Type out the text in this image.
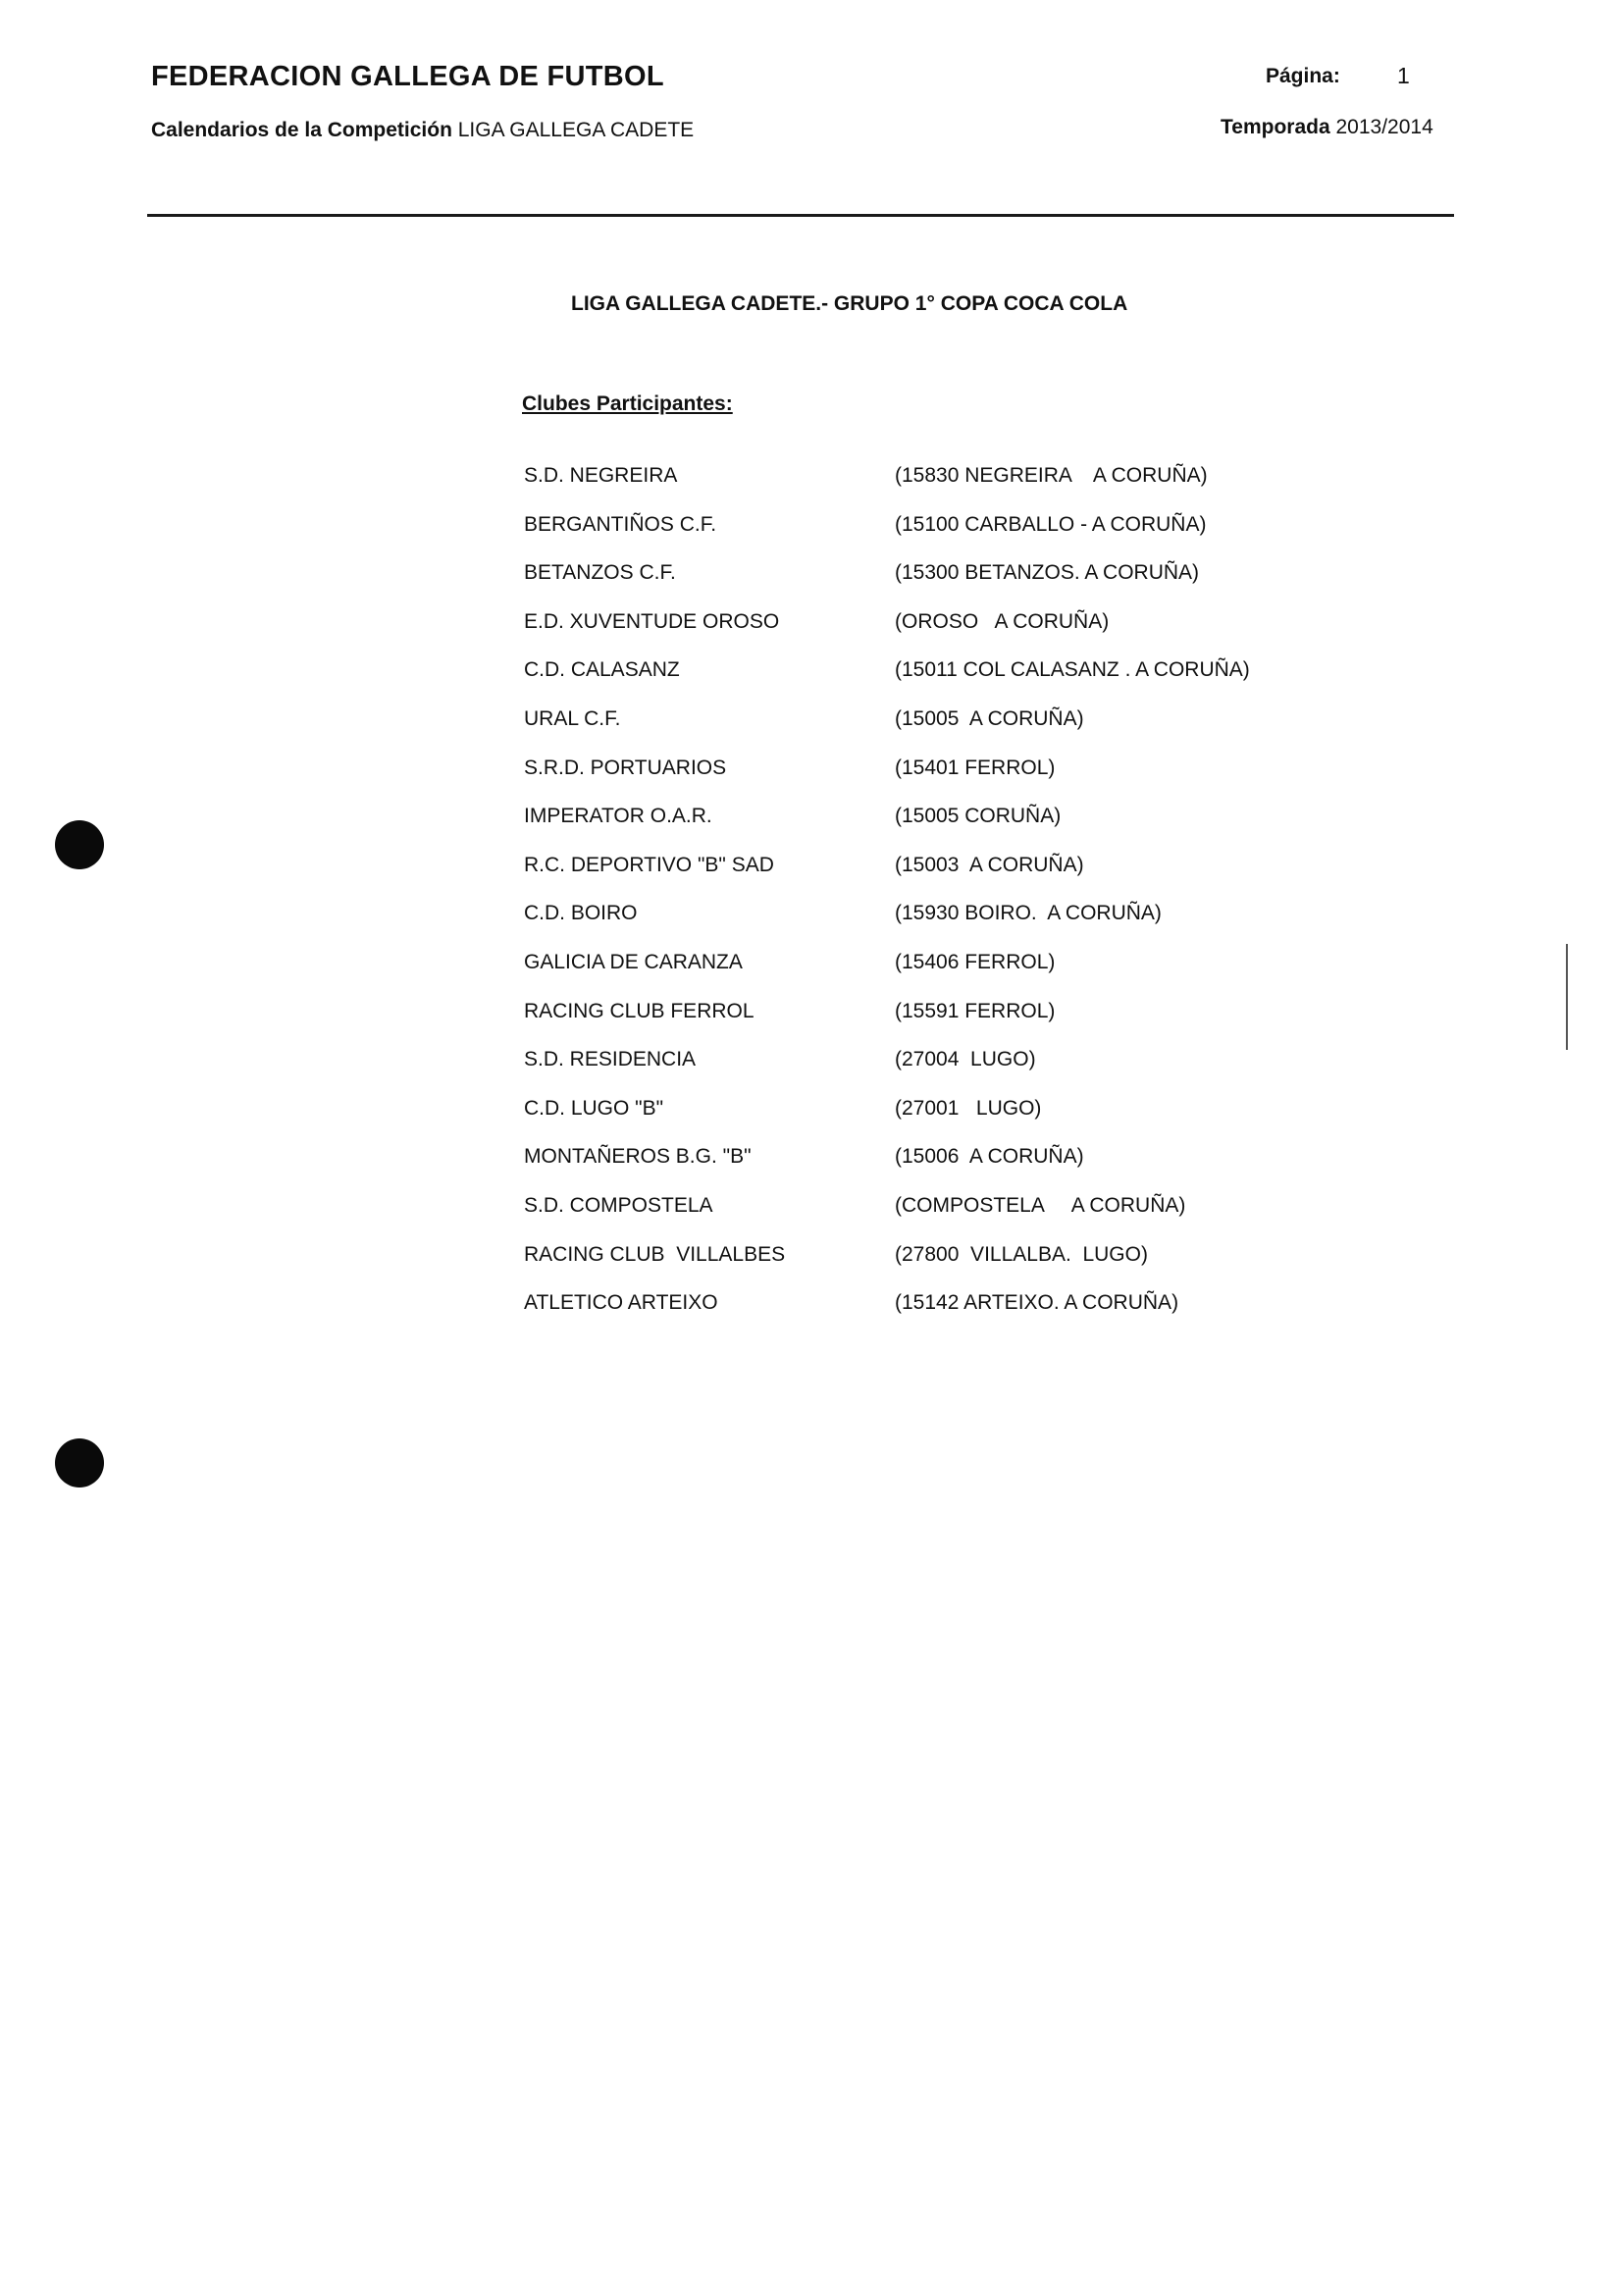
FEDERACION GALLEGA DE FUTBOL	Página:	1
Calendarios de la Competición LIGA GALLEGA CADETE	Temporada 2013/2014
LIGA GALLEGA CADETE.- GRUPO 1° COPA COCA COLA
Clubes Participantes:
S.D. NEGREIRA	(15830 NEGREIRA    A CORUÑA)
BERGANTIÑOS C.F.	(15100 CARBALLO - A CORUÑA)
BETANZOS C.F.	(15300 BETANZOS. A CORUÑA)
E.D. XUVENTUDE OROSO	(OROSO   A CORUÑA)
C.D. CALASANZ	(15011 COL CALASANZ . A CORUÑA)
URAL C.F.	(15005  A CORUÑA)
S.R.D. PORTUARIOS	(15401 FERROL)
IMPERATOR O.A.R.	(15005 CORUÑA)
R.C. DEPORTIVO "B" SAD	(15003  A CORUÑA)
C.D. BOIRO	(15930 BOIRO.  A CORUÑA)
GALICIA DE CARANZA	(15406 FERROL)
RACING CLUB FERROL	(15591 FERROL)
S.D. RESIDENCIA	(27004  LUGO)
C.D. LUGO "B"	(27001   LUGO)
MONTAÑEROS B.G. "B"	(15006  A CORUÑA)
S.D. COMPOSTELA	(COMPOSTELA     A CORUÑA)
RACING CLUB  VILLALBES	(27800  VILLALBA.  LUGO)
ATLETICO ARTEIXO	(15142 ARTEIXO. A CORUÑA)
